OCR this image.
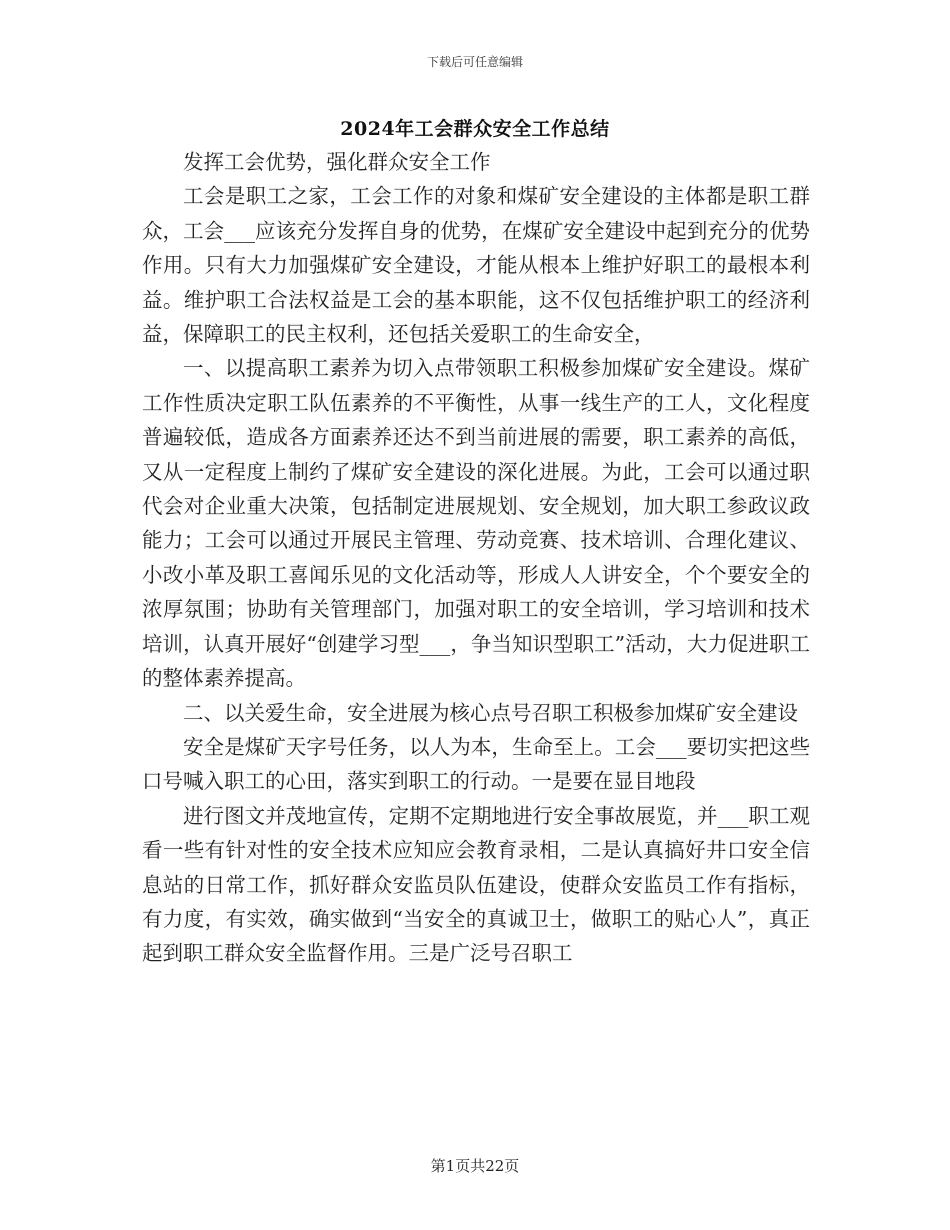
下载后可任意编辑
2024年工会群众安全工作总结

发挥工会优势，强化群众安全工作

工会是职工之家，工会工作的对象和煤矿安全建设的主体都是职工群众，工会___应该充分发挥自身的优势，在煤矿安全建设中起到充分的优势作用。只有大力加强煤矿安全建设，才能从根本上维护好职工的最根本利益。维护职工合法权益是工会的基本职能，这不仅包括维护职工的经济利益，保障职工的民主权利，还包括关爱职工的生命安全，

一、以提高职工素养为切入点带领职工积极参加煤矿安全建设。煤矿工作性质决定职工队伍素养的不平衡性，从事一线生产的工人，文化程度普遍较低，造成各方面素养还达不到当前进展的需要，职工素养的高低，又从一定程度上制约了煤矿安全建设的深化进展。为此，工会可以通过职代会对企业重大决策，包括制定进展规划、安全规划，加大职工参政议政能力；工会可以通过开展民主管理、劳动竞赛、技术培训、合理化建议、小改小革及职工喜闻乐见的文化活动等，形成人人讲安全，个个要安全的浓厚氛围；协助有关管理部门，加强对职工的安全培训，学习培训和技术培训，认真开展好“创建学习型___，争当知识型职工”活动，大力促进职工的整体素养提高。

二、以关爱生命，安全进展为核心点号召职工积极参加煤矿安全建设

安全是煤矿天字号任务，以人为本，生命至上。工会___要切实把这些口号喊入职工的心田，落实到职工的行动。一是要在显目地段

进行图文并茂地宣传，定期不定期地进行安全事故展览，并___职工观看一些有针对性的安全技术应知应会教育录相，二是认真搞好井口安全信息站的日常工作，抓好群众安监员队伍建设，使群众安监员工作有指标，有力度，有实效，确实做到“当安全的真诚卫士，做职工的贴心人”，真正起到职工群众安全监督作用。三是广泛号召职工

第1页共22页
